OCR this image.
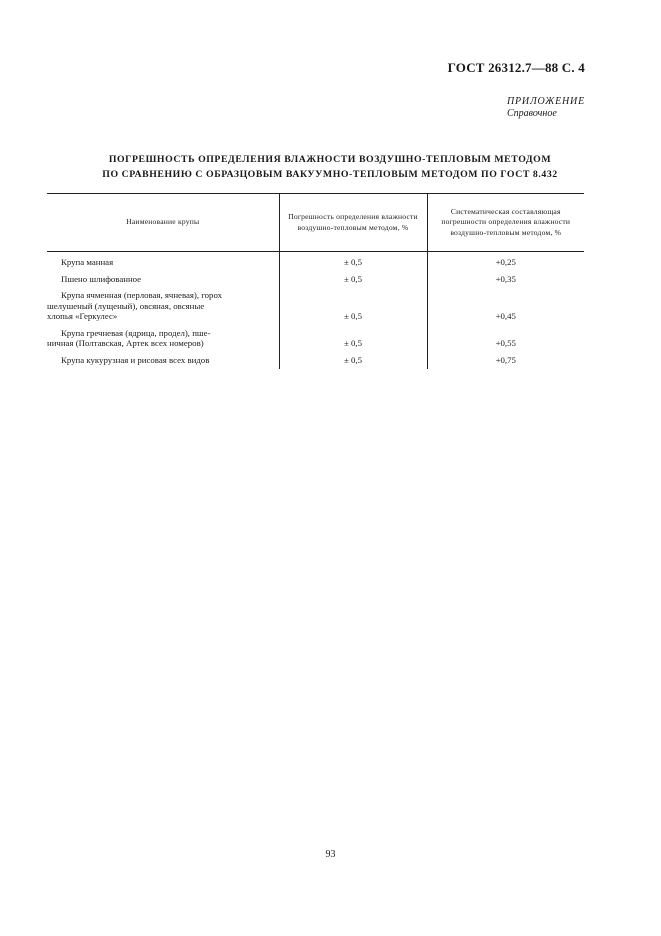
ГОСТ 26312.7—88 С. 4
ПРИЛОЖЕНИЕ
Справочное
ПОГРЕШНОСТЬ ОПРЕДЕЛЕНИЯ ВЛАЖНОСТИ ВОЗДУШНО-ТЕПЛОВЫМ МЕТОДОМ
ПО СРАВНЕНИЮ С ОБРАЗЦОВЫМ ВАКУУМНО-ТЕПЛОВЫМ МЕТОДОМ ПО ГОСТ 8.432
Наименование крупы	Погрешность определения влажности воздушно-тепловым методом, %	Систематическая составляющая погрешности определения влажности воздушно-тепловым методом, %

Крупа манная	± 0,5	+0,25

Пшено шлифованное	± 0,5	+0,35

Крупа ячменная (перловая, ячневая), горох
шелушеный (лущеный), овсяная, овсяные
хлопья «Геркулес»	± 0,5	+0,45

Крупа гречневая (ядрица, продел), пше-
ничная (Полтавская, Артек всех номеров)	± 0,5	+0,55

Крупа кукурузная и рисовая всех видов	± 0,5	+0,75
93
